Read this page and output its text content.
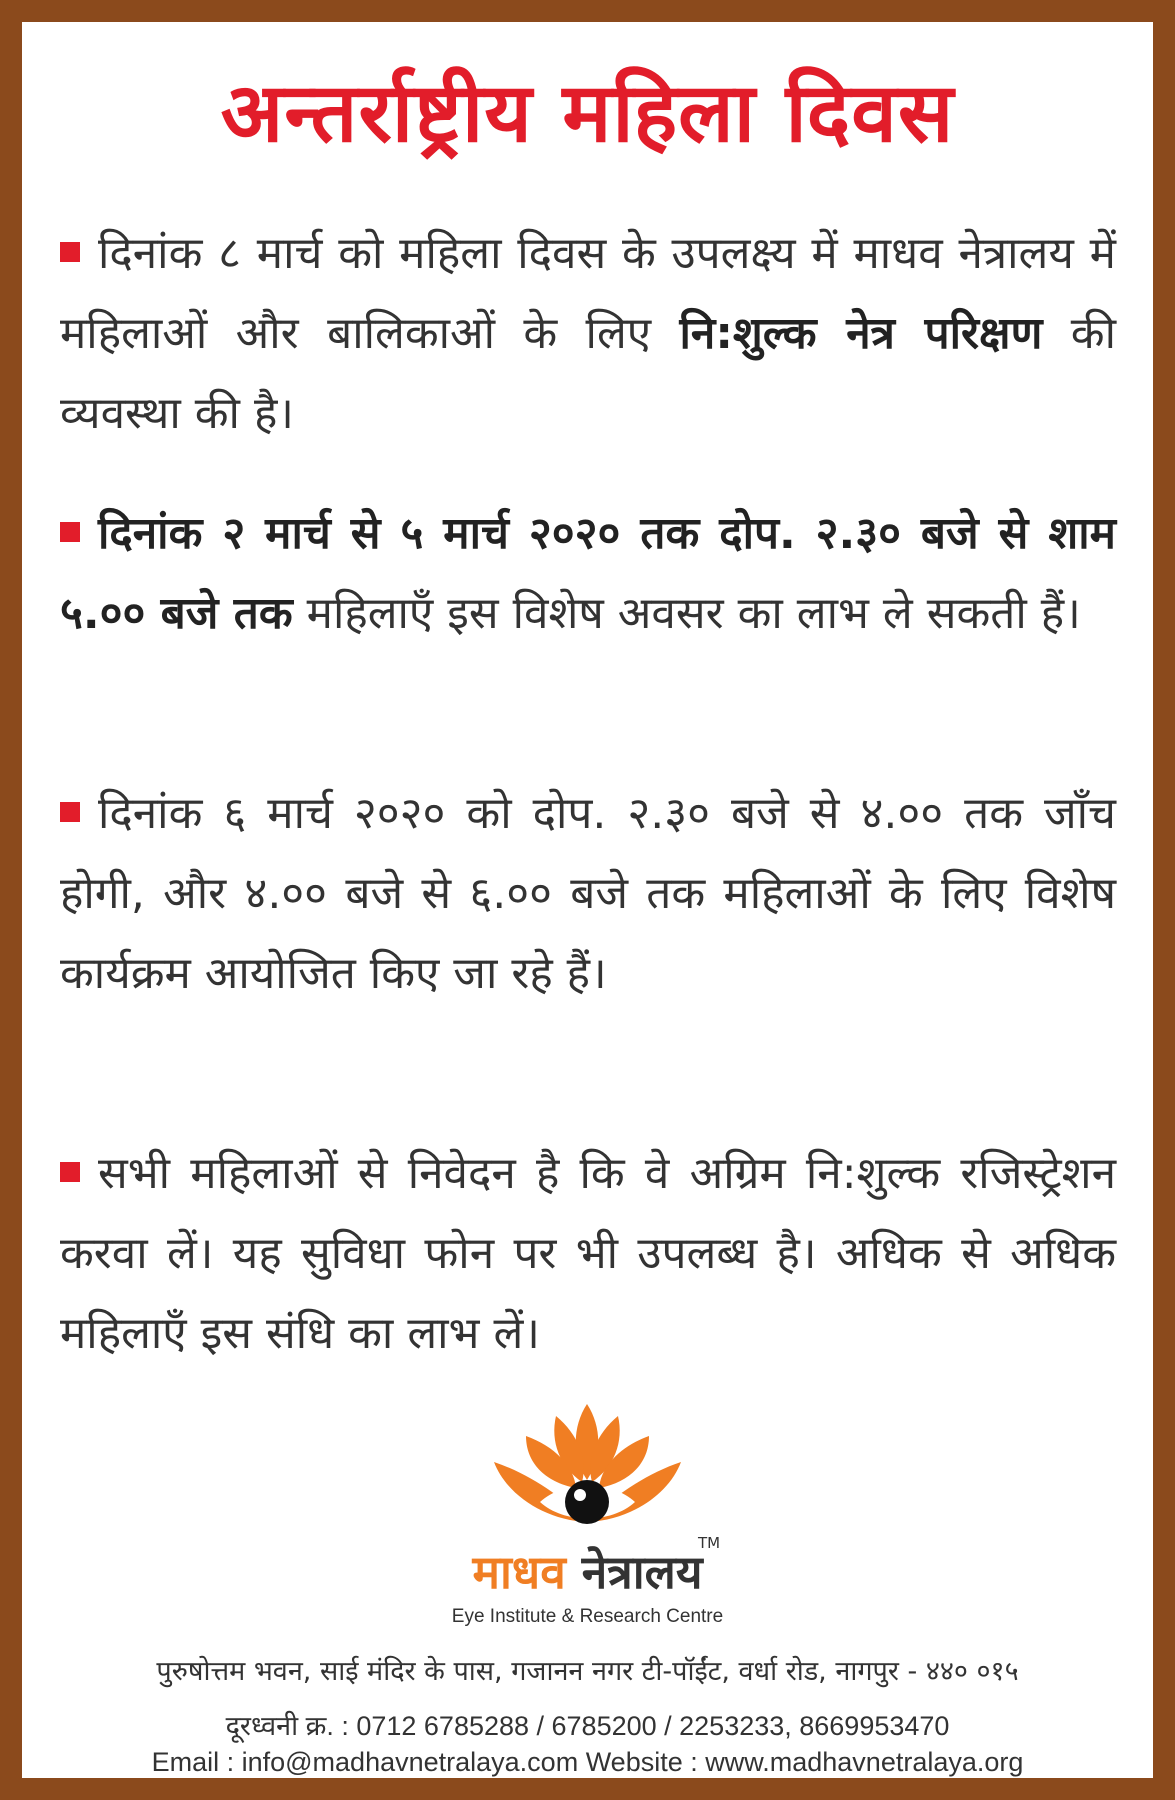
अन्तर्राष्ट्रीय महिला दिवस
दिनांक ८ मार्च को महिला दिवस के उपलक्ष्य में माधव नेत्रालय में महिलाओं और बालिकाओं के लिए नि:शुल्क नेत्र परिक्षण की व्यवस्था की है।
दिनांक २ मार्च से ५ मार्च २०२० तक दोप. २.३० बजे से शाम ५.०० बजे तक महिलाएँ इस विशेष अवसर का लाभ ले सकती हैं।
दिनांक ६ मार्च २०२० को दोप. २.३० बजे से ४.०० तक जॉंच होगी, और ४.०० बजे से ६.०० बजे तक महिलाओं के लिए विशेष कार्यक्रम आयोजित किए जा रहे हैं।
सभी महिलाओं से निवेदन है कि वे अग्रिम नि:शुल्क रजिस्ट्रेशन करवा लें। यह सुविधा फोन पर भी उपलब्ध है। अधिक से अधिक महिलाएँ इस संधि का लाभ लें।
माधव नेत्रालय
TM
Eye Institute & Research Centre
पुरुषोत्तम भवन, साई मंदिर के पास, गजानन नगर टी-पॉईंट, वर्धा रोड, नागपुर - ४४० ०१५
दूरध्वनी क्र. : 0712 6785288 / 6785200 / 2253233, 8669953470
Email : info@madhavnetralaya.com Website : www.madhavnetralaya.org
